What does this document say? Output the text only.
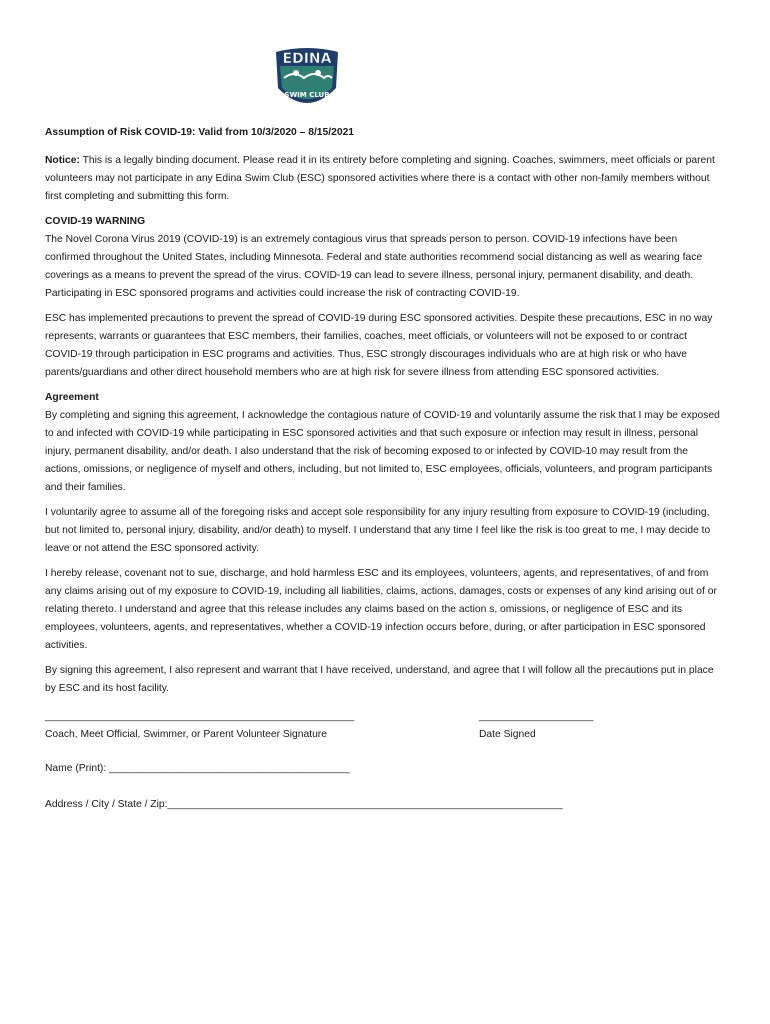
EDINA
SWIM CLUB

Assumption of Risk COVID-19: Valid from 10/3/2020 – 8/15/2021

Notice: This is a legally binding document. Please read it in its entirety before completing and signing. Coaches, swimmers, meet officials or parent volunteers may not participate in any Edina Swim Club (ESC) sponsored activities where there is a contact with other non-family members without first completing and submitting this form.

COVID-19 WARNING
The Novel Corona Virus 2019 (COVID-19) is an extremely contagious virus that spreads person to person. COVID-19 infections have been confirmed throughout the United States, including Minnesota. Federal and state authorities recommend social distancing as well as wearing face coverings as a means to prevent the spread of the virus. COVID-19 can lead to severe illness, personal injury, permanent disability, and death. Participating in ESC sponsored programs and activities could increase the risk of contracting COVID-19.

ESC has implemented precautions to prevent the spread of COVID-19 during ESC sponsored activities. Despite these precautions, ESC in no way represents, warrants or guarantees that ESC members, their families, coaches, meet officials, or volunteers will not be exposed to or contract COVID-19 through participation in ESC programs and activities. Thus, ESC strongly discourages individuals who are at high risk or who have parents/guardians and other direct household members who are at high risk for severe illness from attending ESC sponsored activities.

Agreement
By completing and signing this agreement, I acknowledge the contagious nature of COVID-19 and voluntarily assume the risk that I may be exposed to and infected with COVID-19 while participating in ESC sponsored activities and that such exposure or infection may result in illness, personal injury, permanent disability, and/or death. I also understand that the risk of becoming exposed to or infected by COVID-10 may result from the actions, omissions, or negligence of myself and others, including, but not limited to, ESC employees, officials, volunteers, and program participants and their families.

I voluntarily agree to assume all of the foregoing risks and accept sole responsibility for any injury resulting from exposure to COVID-19 (including, but not limited to, personal injury, disability, and/or death) to myself. I understand that any time I feel like the risk is too great to me, I may decide to leave or not attend the ESC sponsored activity.

I hereby release, covenant not to sue, discharge, and hold harmless ESC and its employees, volunteers, agents, and representatives, of and from any claims arising out of my exposure to COVID-19, including all liabilities, claims, actions, damages, costs or expenses of any kind arising out of or relating thereto. I understand and agree that this release includes any claims based on the action s, omissions, or negligence of ESC and its employees, volunteers, agents, and representatives, whether a COVID-19 infection occurs before, during, or after participation in ESC sponsored activities.

By signing this agreement, I also represent and warrant that I have received, understand, and agree that I will follow all the precautions put in place by ESC and its host facility.

______________________________________________________
Coach, Meet Official, Swimmer, or Parent Volunteer Signature
____________________
Date Signed

Name (Print): __________________________________________

Address / City / State / Zip:_____________________________________________________________________
